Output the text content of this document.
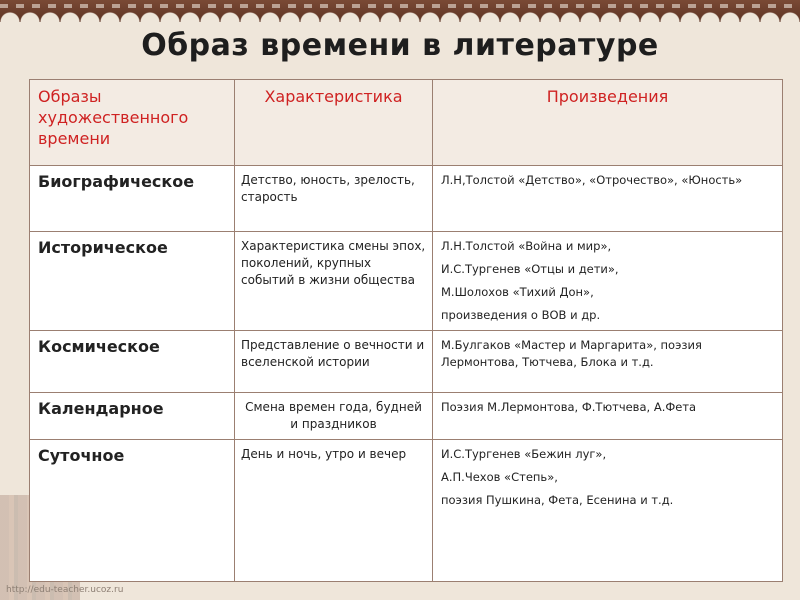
Образ времени в литературе
Образы художественного времени	Характеристика	Произведения
Биографическое	Детство, юность, зрелость, старость	Л.Н,Толстой «Детство», «Отрочество», «Юность»

Историческое	Характеристика смены эпох, поколений, крупных событий в жизни общества	Л.Н.Толстой «Война и мир»,
И.С.Тургенев «Отцы и дети»,
М.Шолохов «Тихий Дон»,
произведения о ВОВ и др.

Космическое	Представление о вечности и вселенской истории	М.Булгаков «Мастер и Маргарита», поэзия Лермонтова, Тютчева, Блока и т.д.

Календарное	Смена времен года, будней и праздников	Поэзия М.Лермонтова, Ф.Тютчева, А.Фета

Суточное	День и ночь, утро и вечер	И.С.Тургенев «Бежин луг»,
А.П.Чехов «Степь»,
поэзия Пушкина, Фета, Есенина и т.д.
http://edu-teacher.ucoz.ru
